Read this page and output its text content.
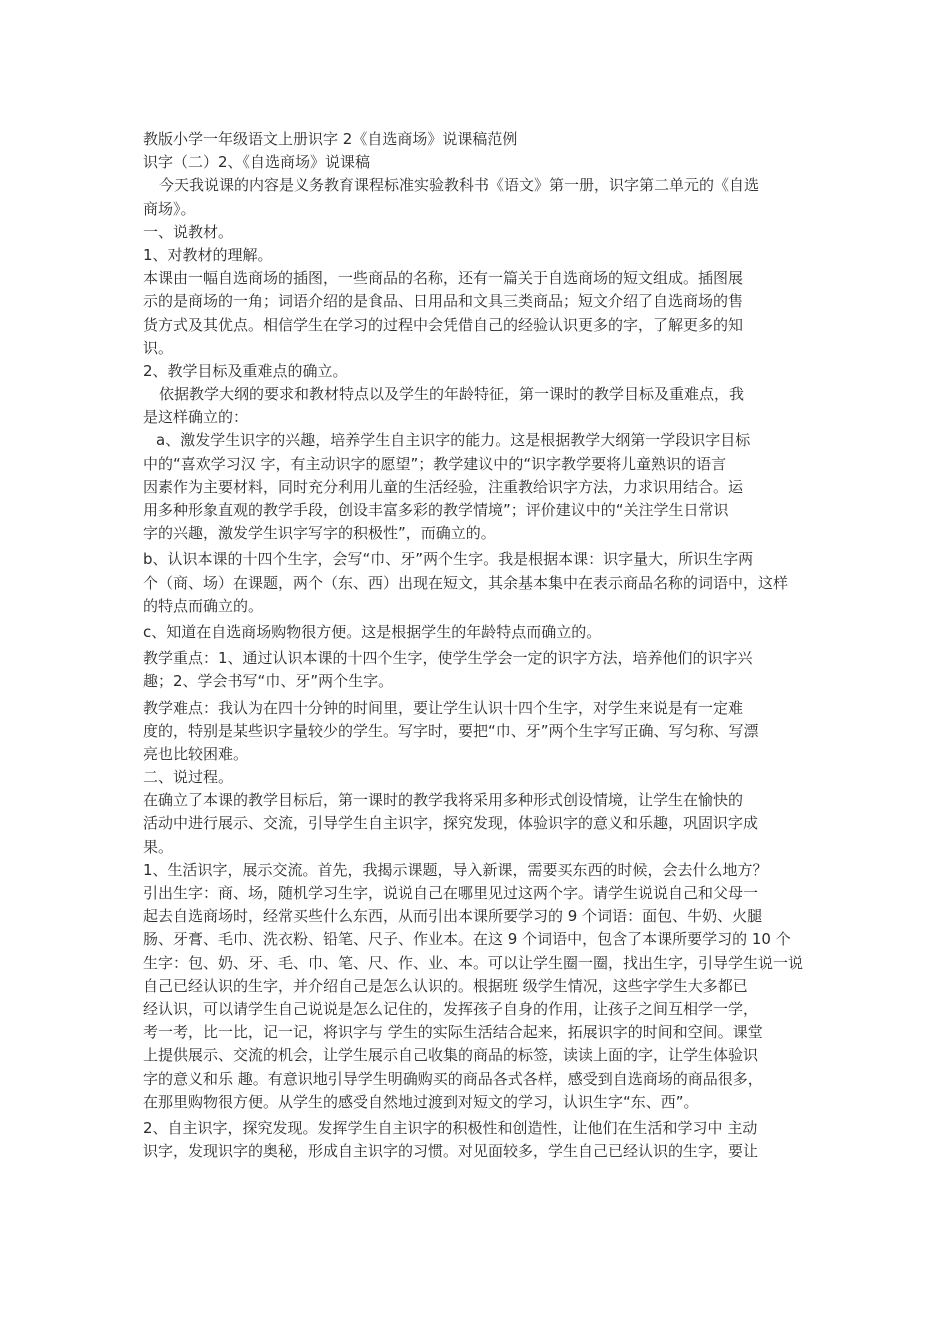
教版小学一年级语文上册识字 2《自选商场》说课稿范例
识字（二）2、《自选商场》说课稿
今天我说课的内容是义务教育课程标准实验教科书《语文》第一册，识字第二单元的《自选
商场》。
一、说教材。
1、对教材的理解。
本课由一幅自选商场的插图，一些商品的名称，还有一篇关于自选商场的短文组成。插图展
示的是商场的一角；词语介绍的是食品、日用品和文具三类商品；短文介绍了自选商场的售
货方式及其优点。相信学生在学习的过程中会凭借自己的经验认识更多的字，了解更多的知
识。
2、教学目标及重难点的确立。
依据教学大纲的要求和教材特点以及学生的年龄特征，第一课时的教学目标及重难点，我
是这样确立的：
a、激发学生识字的兴趣，培养学生自主识字的能力。这是根据教学大纲第一学段识字目标
中的“喜欢学习汉 字，有主动识字的愿望”；教学建议中的“识字教学要将儿童熟识的语言
因素作为主要材料，同时充分利用儿童的生活经验，注重教给识字方法，力求识用结合。运
用多种形象直观的教学手段，创设丰富多彩的教学情境”；评价建议中的“关注学生日常识
字的兴趣，激发学生识字写字的积极性”，而确立的。
b、认识本课的十四个生字，会写“巾、牙”两个生字。我是根据本课：识字量大，所识生字两
个（商、场）在课题，两个（东、西）出现在短文，其余基本集中在表示商品名称的词语中，这样
的特点而确立的。
c、知道在自选商场购物很方便。这是根据学生的年龄特点而确立的。
教学重点：1、通过认识本课的十四个生字，使学生学会一定的识字方法，培养他们的识字兴
趣；2、学会书写“巾、牙”两个生字。
教学难点：我认为在四十分钟的时间里，要让学生认识十四个生字，对学生来说是有一定难
度的，特别是某些识字量较少的学生。写字时，要把“巾、牙”两个生字写正确、写匀称、写漂
亮也比较困难。
二、说过程。
在确立了本课的教学目标后，第一课时的教学我将采用多种形式创设情境，让学生在愉快的
活动中进行展示、交流，引导学生自主识字，探究发现，体验识字的意义和乐趣，巩固识字成
果。
1、生活识字，展示交流。首先，我揭示课题，导入新课，需要买东西的时候，会去什么地方？
引出生字：商、场，随机学习生字，说说自己在哪里见过这两个字。请学生说说自己和父母一
起去自选商场时，经常买些什么东西，从而引出本课所要学习的 9 个词语：面包、牛奶、火腿
肠、牙膏、毛巾、洗衣粉、铅笔、尺子、作业本。在这 9 个词语中，包含了本课所要学习的 10 个
生字：包、奶、牙、毛、巾、笔、尺、作、业、本。可以让学生圈一圈，找出生字，引导学生说一说
自己已经认识的生字，并介绍自己是怎么认识的。根据班 级学生情况，这些字学生大多都已
经认识，可以请学生自己说说是怎么记住的，发挥孩子自身的作用，让孩子之间互相学一学，
考一考，比一比，记一记，将识字与 学生的实际生活结合起来，拓展识字的时间和空间。课堂
上提供展示、交流的机会，让学生展示自己收集的商品的标签，读读上面的字，让学生体验识
字的意义和乐 趣。有意识地引导学生明确购买的商品各式各样，感受到自选商场的商品很多，
在那里购物很方便。从学生的感受自然地过渡到对短文的学习，认识生字“东、西”。
2、自主识字，探究发现。发挥学生自主识字的积极性和创造性，让他们在生活和学习中 主动
识字，发现识字的奥秘，形成自主识字的习惯。对见面较多，学生自己已经认识的生字，要让
